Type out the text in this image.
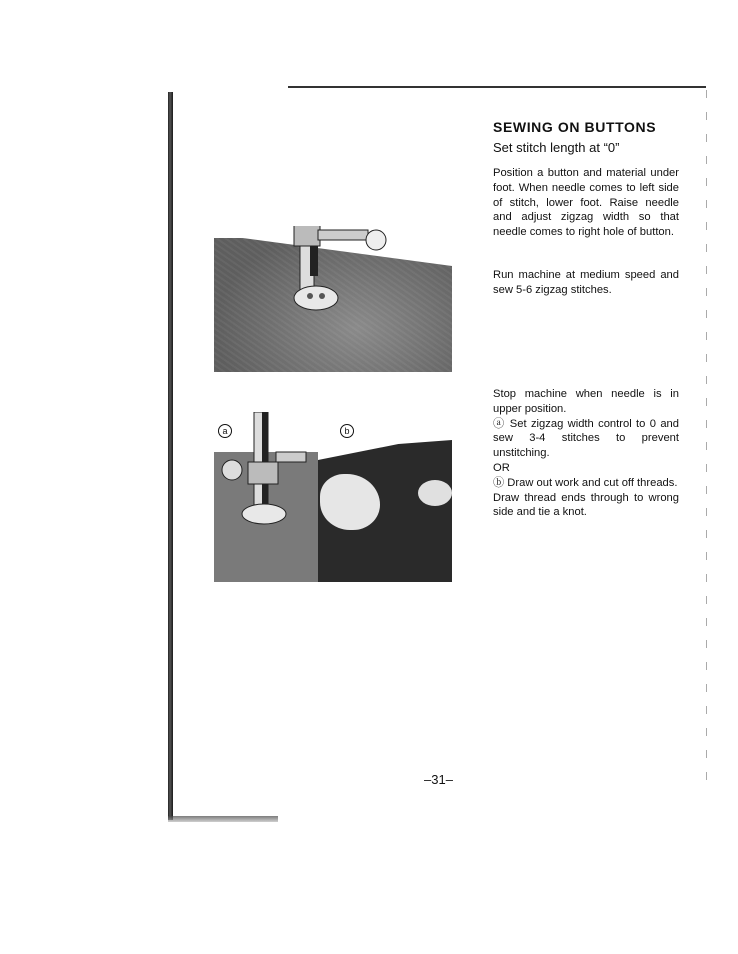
a	b
SEWING ON BUTTONS
Set stitch length at “0”

Position a button and material under foot. When needle comes to left side of stitch, lower foot. Raise needle and adjust zigzag width so that needle comes to right hole of button.

Run machine at medium speed and sew 5-6 zigzag stitches.

Stop machine when needle is in upper position.
ⓐ Set zigzag width control to 0 and sew 3-4 stitches to prevent unstitching.
OR
ⓑ Draw out work and cut off threads.
Draw thread ends through to wrong side and tie a knot.
–31–
